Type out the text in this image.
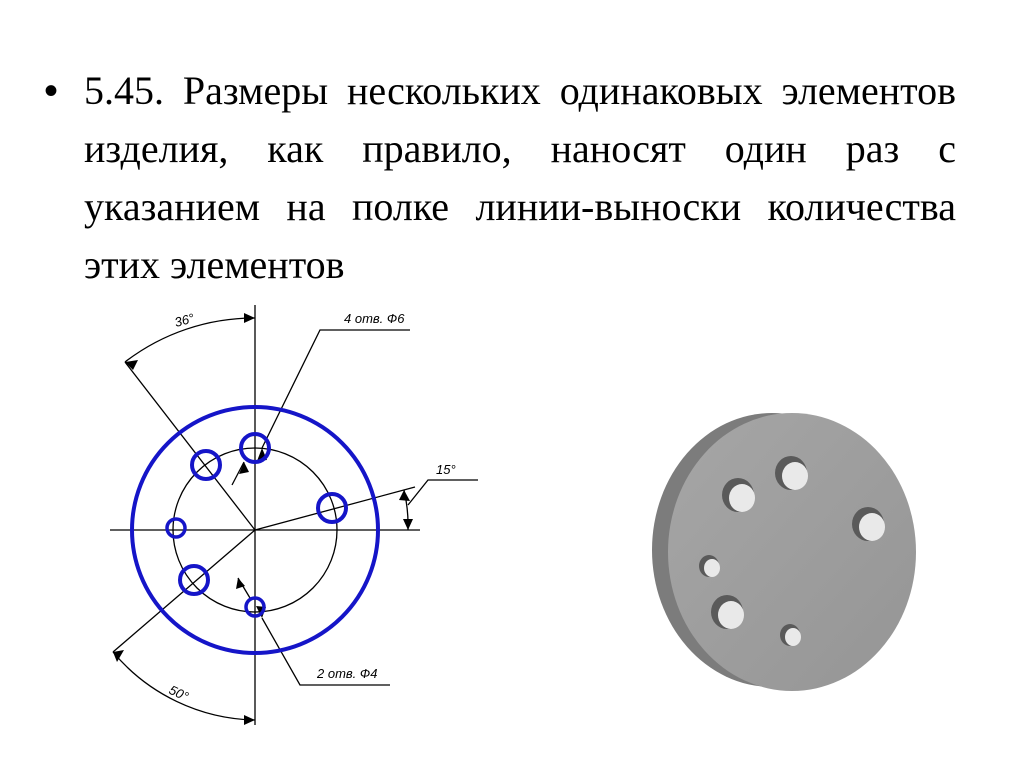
• 5.45. Размеры нескольких одинаковых элементов изделия, как правило, наносят один раз с указанием на полке линии-выноски количества этих элементов
36°
15°
50°
4 отв. Ф6
2 отв. Ф4
